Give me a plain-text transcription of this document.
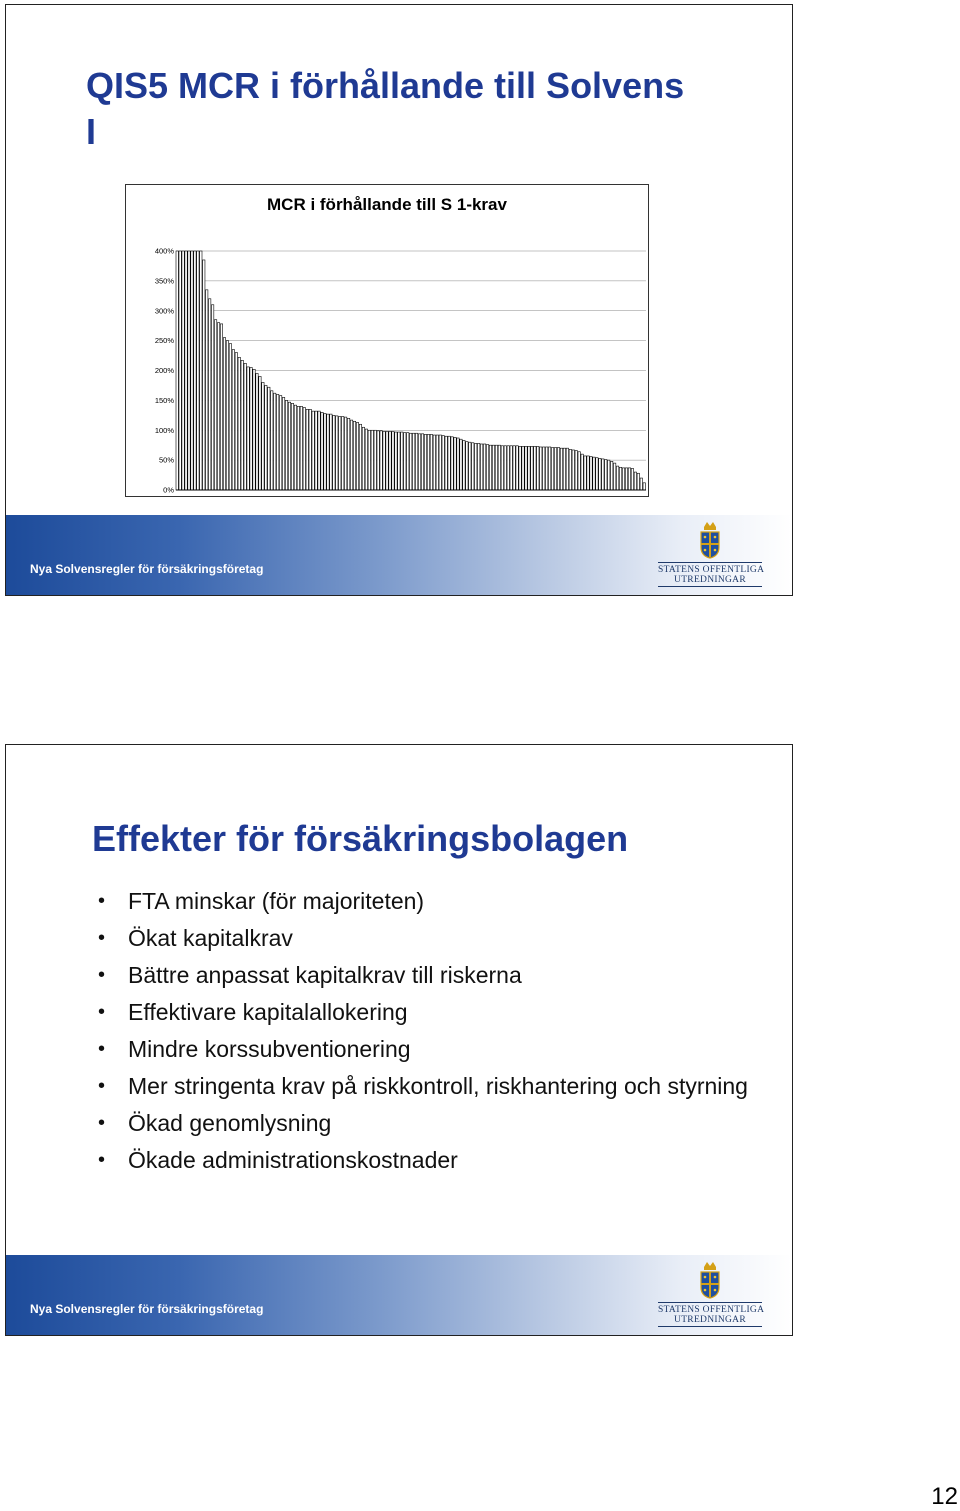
QIS5 MCR i förhållande till Solvens I
MCR i förhållande till S 1-krav
0%
50%
100%
150%
200%
250%
300%
350%
400%
Nya Solvensregler för försäkringsföretag	STATENS OFFENTLIGA
UTREDNINGAR
Effekter för försäkringsbolagen
• FTA minskar (för majoriteten)
• Ökat kapitalkrav
• Bättre anpassat kapitalkrav till riskerna
• Effektivare kapitalallokering
• Mindre korssubventionering
• Mer stringenta krav på riskkontroll, riskhantering och styrning
• Ökad genomlysning
• Ökade administrationskostnader
Nya Solvensregler för försäkringsföretag	STATENS OFFENTLIGA
UTREDNINGAR
12
